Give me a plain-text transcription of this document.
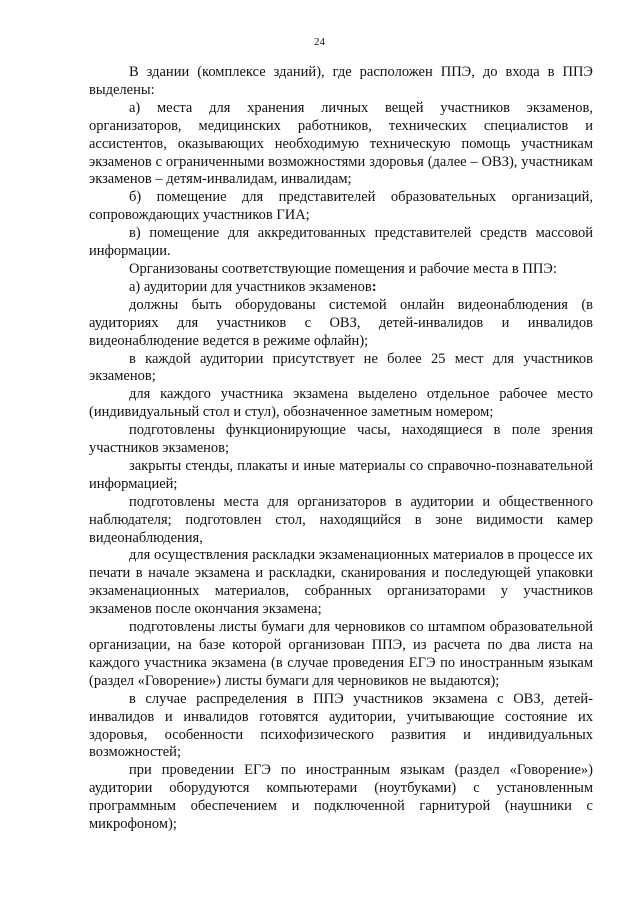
24

В здании (комплексе зданий), где расположен ППЭ, до входа в ППЭ выделены:

а) места для хранения личных вещей участников экзаменов, организаторов, медицинских работников, технических специалистов и ассистентов, оказывающих необходимую техническую помощь участникам экзаменов с ограниченными возможностями здоровья (далее – ОВЗ), участникам экзаменов – детям-инвалидам, инвалидам;

б) помещение для представителей образовательных организаций, сопровождающих участников ГИА;

в) помещение для аккредитованных представителей средств массовой информации.

Организованы соответствующие помещения и рабочие места в ППЭ:

а) аудитории для участников экзаменов:

должны быть оборудованы системой онлайн видеонаблюдения (в аудиториях для участников с ОВЗ, детей-инвалидов и инвалидов видеонаблюдение ведется в режиме офлайн);

в каждой аудитории присутствует не более 25 мест для участников экзаменов;

для каждого участника экзамена выделено отдельное рабочее место (индивидуальный стол и стул), обозначенное заметным номером;

подготовлены функционирующие часы, находящиеся в поле зрения участников экзаменов;

закрыты стенды, плакаты и иные материалы со справочно-познавательной информацией;

подготовлены места для организаторов в аудитории и общественного наблюдателя; подготовлен стол, находящийся в зоне видимости камер видеонаблюдения,

для осуществления раскладки экзаменационных материалов в процессе их печати в начале экзамена и раскладки, сканирования и последующей упаковки экзаменационных материалов, собранных организаторами у участников экзаменов после окончания экзамена;

подготовлены листы бумаги для черновиков со штампом образовательной организации, на базе которой организован ППЭ, из расчета по два листа на каждого участника экзамена (в случае проведения ЕГЭ по иностранным языкам (раздел «Говорение») листы бумаги для черновиков не выдаются);

в случае распределения в ППЭ участников экзамена с ОВЗ, детей-инвалидов и инвалидов готовятся аудитории, учитывающие состояние их здоровья, особенности психофизического развития и индивидуальных возможностей;

при проведении ЕГЭ по иностранным языкам (раздел «Говорение») аудитории оборудуются компьютерами (ноутбуками) с установленным программным обеспечением и подключенной гарнитурой (наушники с микрофоном);
